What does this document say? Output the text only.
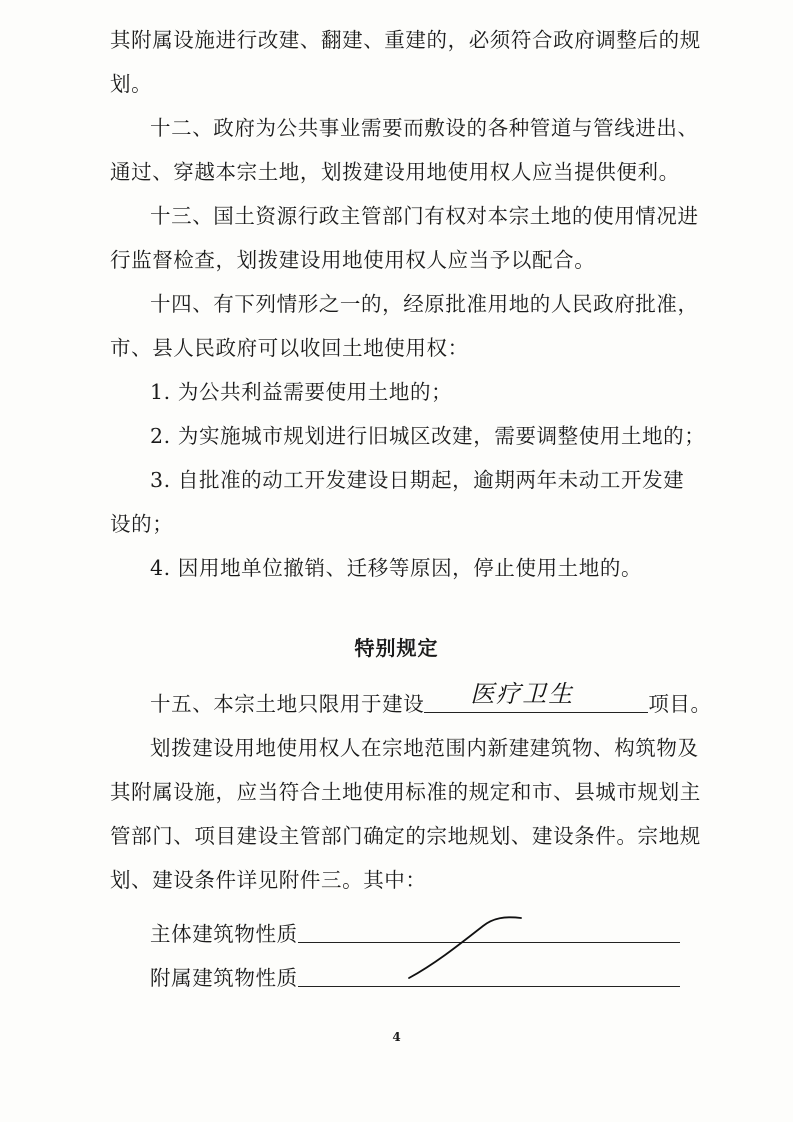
其附属设施进行改建、翻建、重建的，必须符合政府调整后的规
划。
十二、政府为公共事业需要而敷设的各种管道与管线进出、
通过、穿越本宗土地，划拨建设用地使用权人应当提供便利。
十三、国土资源行政主管部门有权对本宗土地的使用情况进
行监督检查，划拨建设用地使用权人应当予以配合。
十四、有下列情形之一的，经原批准用地的人民政府批准，
市、县人民政府可以收回土地使用权：
1. 为公共利益需要使用土地的；
2. 为实施城市规划进行旧城区改建，需要调整使用土地的；
3. 自批准的动工开发建设日期起，逾期两年未动工开发建
设的；
4. 因用地单位撤销、迁移等原因，停止使用土地的。
特别规定
十五、本宗土地只限用于建设 医疗卫生	项目。
划拨建设用地使用权人在宗地范围内新建建筑物、构筑物及
其附属设施，应当符合土地使用标准的规定和市、县城市规划主
管部门、项目建设主管部门确定的宗地规划、建设条件。宗地规
划、建设条件详见附件三。其中：
主体建筑物性质
附属建筑物性质
4
